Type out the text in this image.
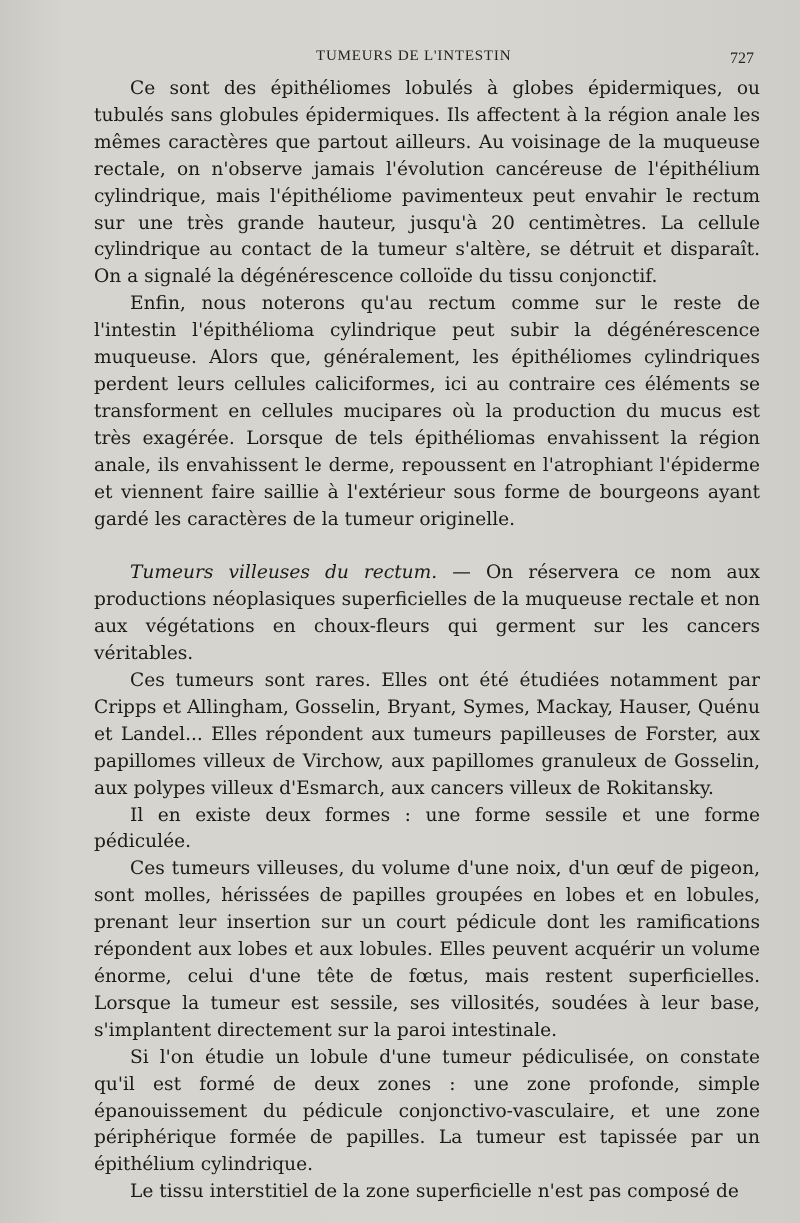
TUMEURS DE L'INTESTIN	727

Ce sont des épithéliomes lobulés à globes épidermiques, ou tubulés sans globules épidermiques. Ils affectent à la région anale les mêmes caractères que partout ailleurs. Au voisinage de la muqueuse rectale, on n'observe jamais l'évolution cancéreuse de l'épithélium cylindrique, mais l'épithéliome pavimenteux peut envahir le rectum sur une très grande hauteur, jusqu'à 20 centimètres. La cellule cylindrique au contact de la tumeur s'altère, se détruit et disparaît. On a signalé la dégénérescence colloïde du tissu conjonctif.

Enfin, nous noterons qu'au rectum comme sur le reste de l'intestin l'épithélioma cylindrique peut subir la dégénérescence muqueuse. Alors que, généralement, les épithéliomes cylindriques perdent leurs cellules caliciformes, ici au contraire ces éléments se transforment en cellules mucipares où la production du mucus est très exagérée. Lorsque de tels épithéliomas envahissent la région anale, ils envahissent le derme, repoussent en l'atrophiant l'épiderme et viennent faire saillie à l'extérieur sous forme de bourgeons ayant gardé les caractères de la tumeur originelle.

Tumeurs villeuses du rectum. — On réservera ce nom aux productions néoplasiques superficielles de la muqueuse rectale et non aux végétations en choux-fleurs qui germent sur les cancers véritables.

Ces tumeurs sont rares. Elles ont été étudiées notamment par Cripps et Allingham, Gosselin, Bryant, Symes, Mackay, Hauser, Quénu et Landel... Elles répondent aux tumeurs papilleuses de Forster, aux papillomes villeux de Virchow, aux papillomes granuleux de Gosselin, aux polypes villeux d'Esmarch, aux cancers villeux de Rokitansky.

Il en existe deux formes : une forme sessile et une forme pédiculée.

Ces tumeurs villeuses, du volume d'une noix, d'un œuf de pigeon, sont molles, hérissées de papilles groupées en lobes et en lobules, prenant leur insertion sur un court pédicule dont les ramifications répondent aux lobes et aux lobules. Elles peuvent acquérir un volume énorme, celui d'une tête de fœtus, mais restent superficielles. Lorsque la tumeur est sessile, ses villosités, soudées à leur base, s'implantent directement sur la paroi intestinale.

Si l'on étudie un lobule d'une tumeur pédiculisée, on constate qu'il est formé de deux zones : une zone profonde, simple épanouissement du pédicule conjonctivo-vasculaire, et une zone périphérique formée de papilles. La tumeur est tapissée par un épithélium cylindrique.

Le tissu interstitiel de la zone superficielle n'est pas composé de
